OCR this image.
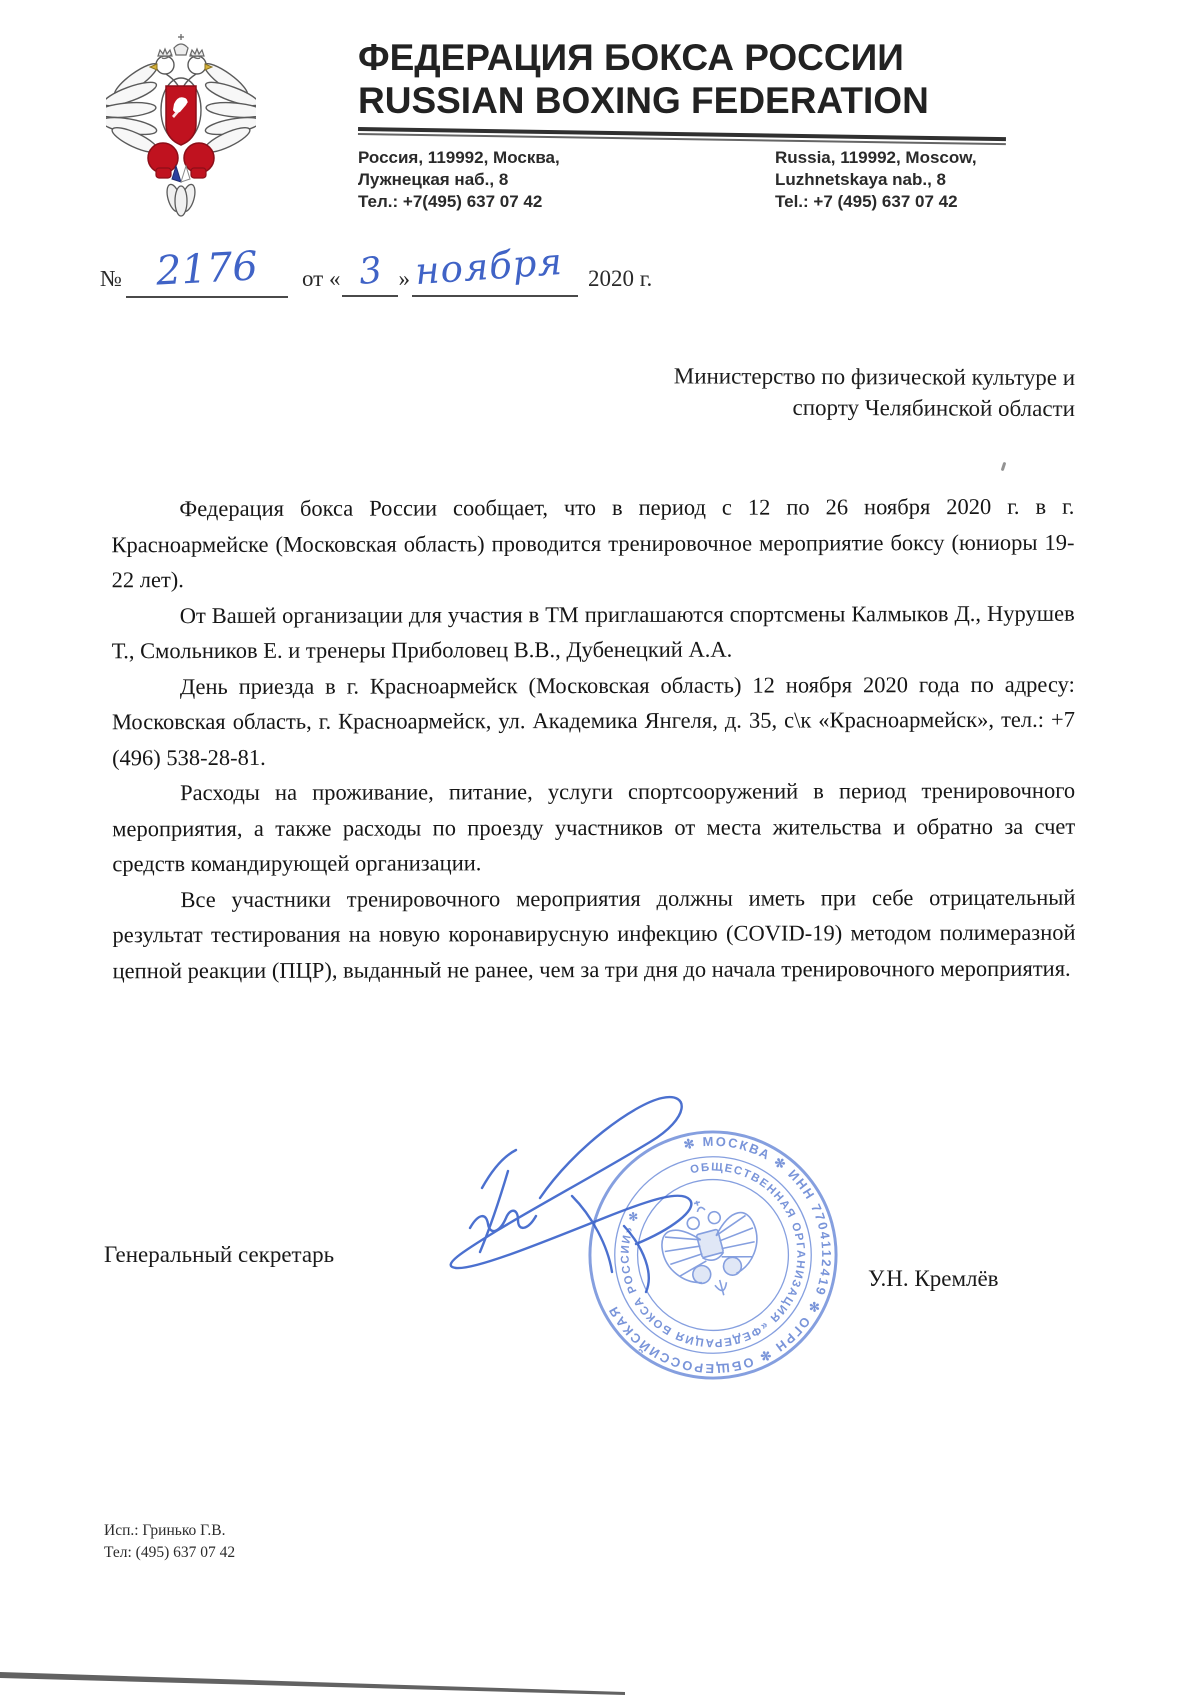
ФЕДЕРАЦИЯ БОКСА РОССИИ
RUSSIAN BOXING FEDERATION
Россия, 119992, Москва,
Лужнецкая наб., 8
Тел.: +7(495) 637 07 42
Russia, 119992, Moscow,
Luzhnetskaya nab., 8
Tel.: +7 (495) 637 07 42
№ 2176	от « 3 » ноября	2020 г.
Министерство по физической культуре и
спорту Челябинской области

Федерация бокса России сообщает, что в период с 12 по 26 ноября 2020 г. в г. Красноармейске (Московская область) проводится тренировочное мероприятие боксу (юниоры 19-22 лет).

От Вашей организации для участия в ТМ приглашаются спортсмены Калмыков Д., Нурушев Т., Смольников Е. и тренеры Приболовец В.В., Дубенецкий А.А.

День приезда в г. Красноармейск (Московская область) 12 ноября 2020 года по адресу: Московская область, г. Красноармейск, ул. Академика Янгеля, д. 35, с\к «Красноармейск», тел.: +7 (496) 538-28-81.

Расходы на проживание, питание, услуги спортсооружений в период тренировочного мероприятия, а также расходы по проезду участников от места жительства и обратно за счет средств командирующей организации.

Все участники тренировочного мероприятия должны иметь при себе отрицательный результат тестирования на новую коронавирусную инфекцию (COVID-19) методом полимеразной цепной реакции (ПЦР), выданный не ранее, чем за три дня до начала тренировочного мероприятия.

Генеральный секретарь
У.Н. Кремлёв
✻ МОСКВА ✻ ИНН 7704112419 ✻ ОГРН ✻ ОБЩЕРОССИЙСКАЯ
ОБЩЕСТВЕННАЯ ОРГАНИЗАЦИЯ «ФЕДЕРАЦИЯ БОКСА РОССИИ» ✻
Исп.: Гринько Г.В.
Тел: (495) 637 07 42
